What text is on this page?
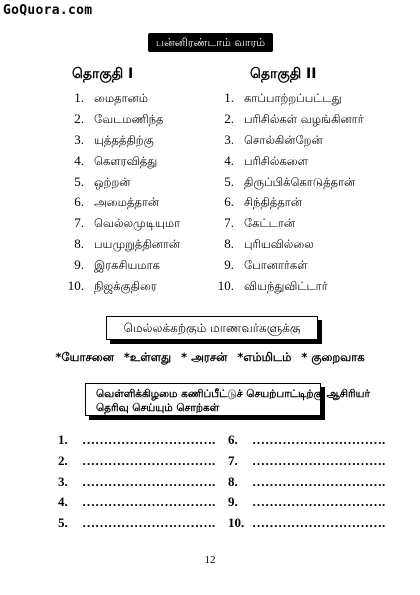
GoQuora.com
பன்னிரண்டாம் வாரம்
தொகுதி I	தொகுதி II
1. மைதானம்
2. வேடமணிந்த
3. யுத்தத்திற்கு
4. கௌரவித்து
5. ஒற்றன்
6. அமைத்தான்
7. வெல்லமுடியுமா
8. பயமுறுத்தினான்
9. இரகசியமாக
10. நிஜக்குதிரை
1. காப்பாற்றப்பட்டது
2. பரிசில்கள் வழங்கினார்
3. சொல்கின்றேன்
4. பரிசில்களை
5. திருப்பிக்கொடுத்தான்
6. சிந்தித்தான்
7. கேட்டான்
8. புரியவில்லை
9. போனார்கள்
10. வியந்துவிட்டார்
மெல்லக்கற்கும் மாணவர்களுக்கு
*யோசனை *உள்ளது * அரசன் *எம்மிடம் * குறைவாக
வெள்ளிக்கிழமை கணிப்பீட்டுச் செயற்பாட்டிற்கு ஆசிரியர்
தெரிவு செய்யும் சொற்கள்
1. ………………………….
2. ………………………….
3. ………………………….
4. ………………………….
5. ………………………….
6. ………………………….
7. ………………………….
8. ………………………….
9. ………………………….
10. ………………………….
12
